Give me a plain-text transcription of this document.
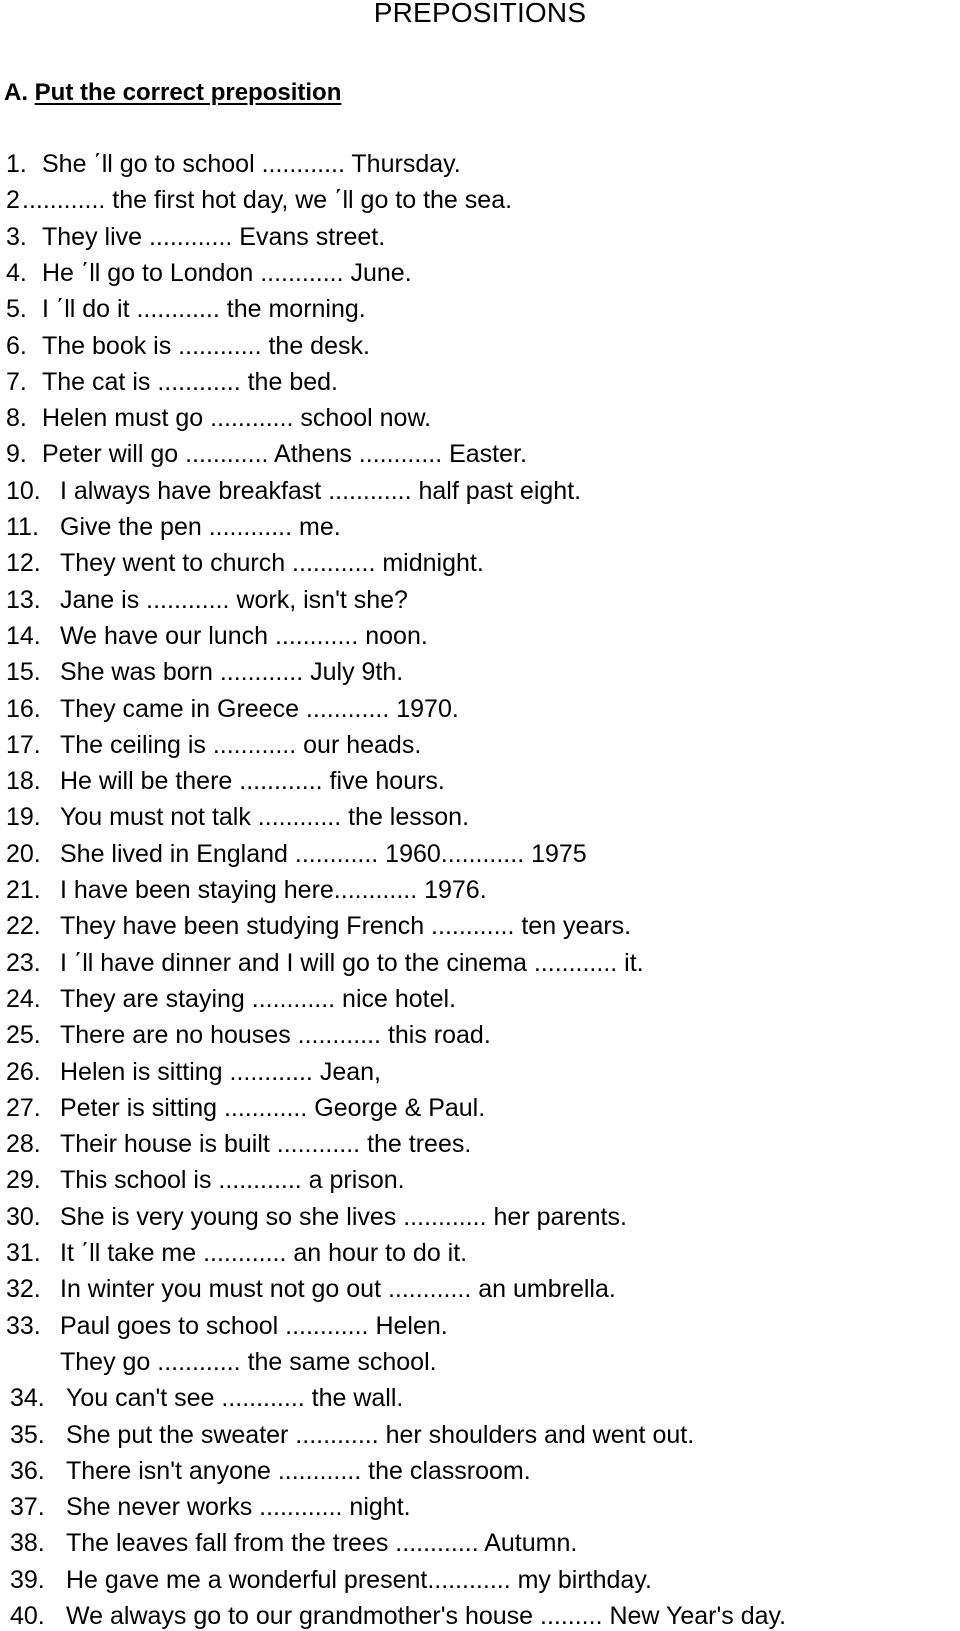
PREPOSITIONS
A. Put the correct preposition
1. She ΄ll go to school ............ Thursday.
2 ............ the first hot day, we ΄ll go to the sea.
3. They live ............ Evans street.
4. He ΄ll go to London ............ June.
5. I ΄ll do it ............ the morning.
6. The book is ............ the desk.
7. The cat is ............ the bed.
8. Helen must go ............ school now.
9. Peter will go ............ Athens ............ Easter.
10. I always have breakfast ............ half past eight.
11. Give the pen ............ me.
12. They went to church ............ midnight.
13. Jane is ............ work, isn't she?
14. We have our lunch ............ noon.
15. She was born ............ July 9th.
16. They came in Greece ............ 1970.
17. The ceiling is ............ our heads.
18. He will be there ............ five hours.
19. You must not talk ............ the lesson.
20. She lived in England ............ 1960............ 1975
21. I have been staying here............ 1976.
22. They have been studying French ............ ten years.
23. I ΄ll have dinner and I will go to the cinema ............ it.
24. They are staying ............ nice hotel.
25. There are no houses ............ this road.
26. Helen is sitting ............ Jean,
27. Peter is sitting ............ George & Paul.
28. Their house is built ............ the trees.
29. This school is ............ a prison.
30. She is very young so she lives ............ her parents.
31. It ΄ll take me ............ an hour to do it.
32. In winter you must not go out ............ an umbrella.
33. Paul goes to school ............ Helen.
They go ............ the same school.
34. You can't see ............ the wall.
35. She put the sweater ............ her shoulders and went out.
36. There isn't anyone ............ the classroom.
37. She never works ............ night.
38. The leaves fall from the trees ............ Autumn.
39. He gave me a wonderful present............ my birthday.
40. We always go to our grandmother's house ......... New Year's day.
